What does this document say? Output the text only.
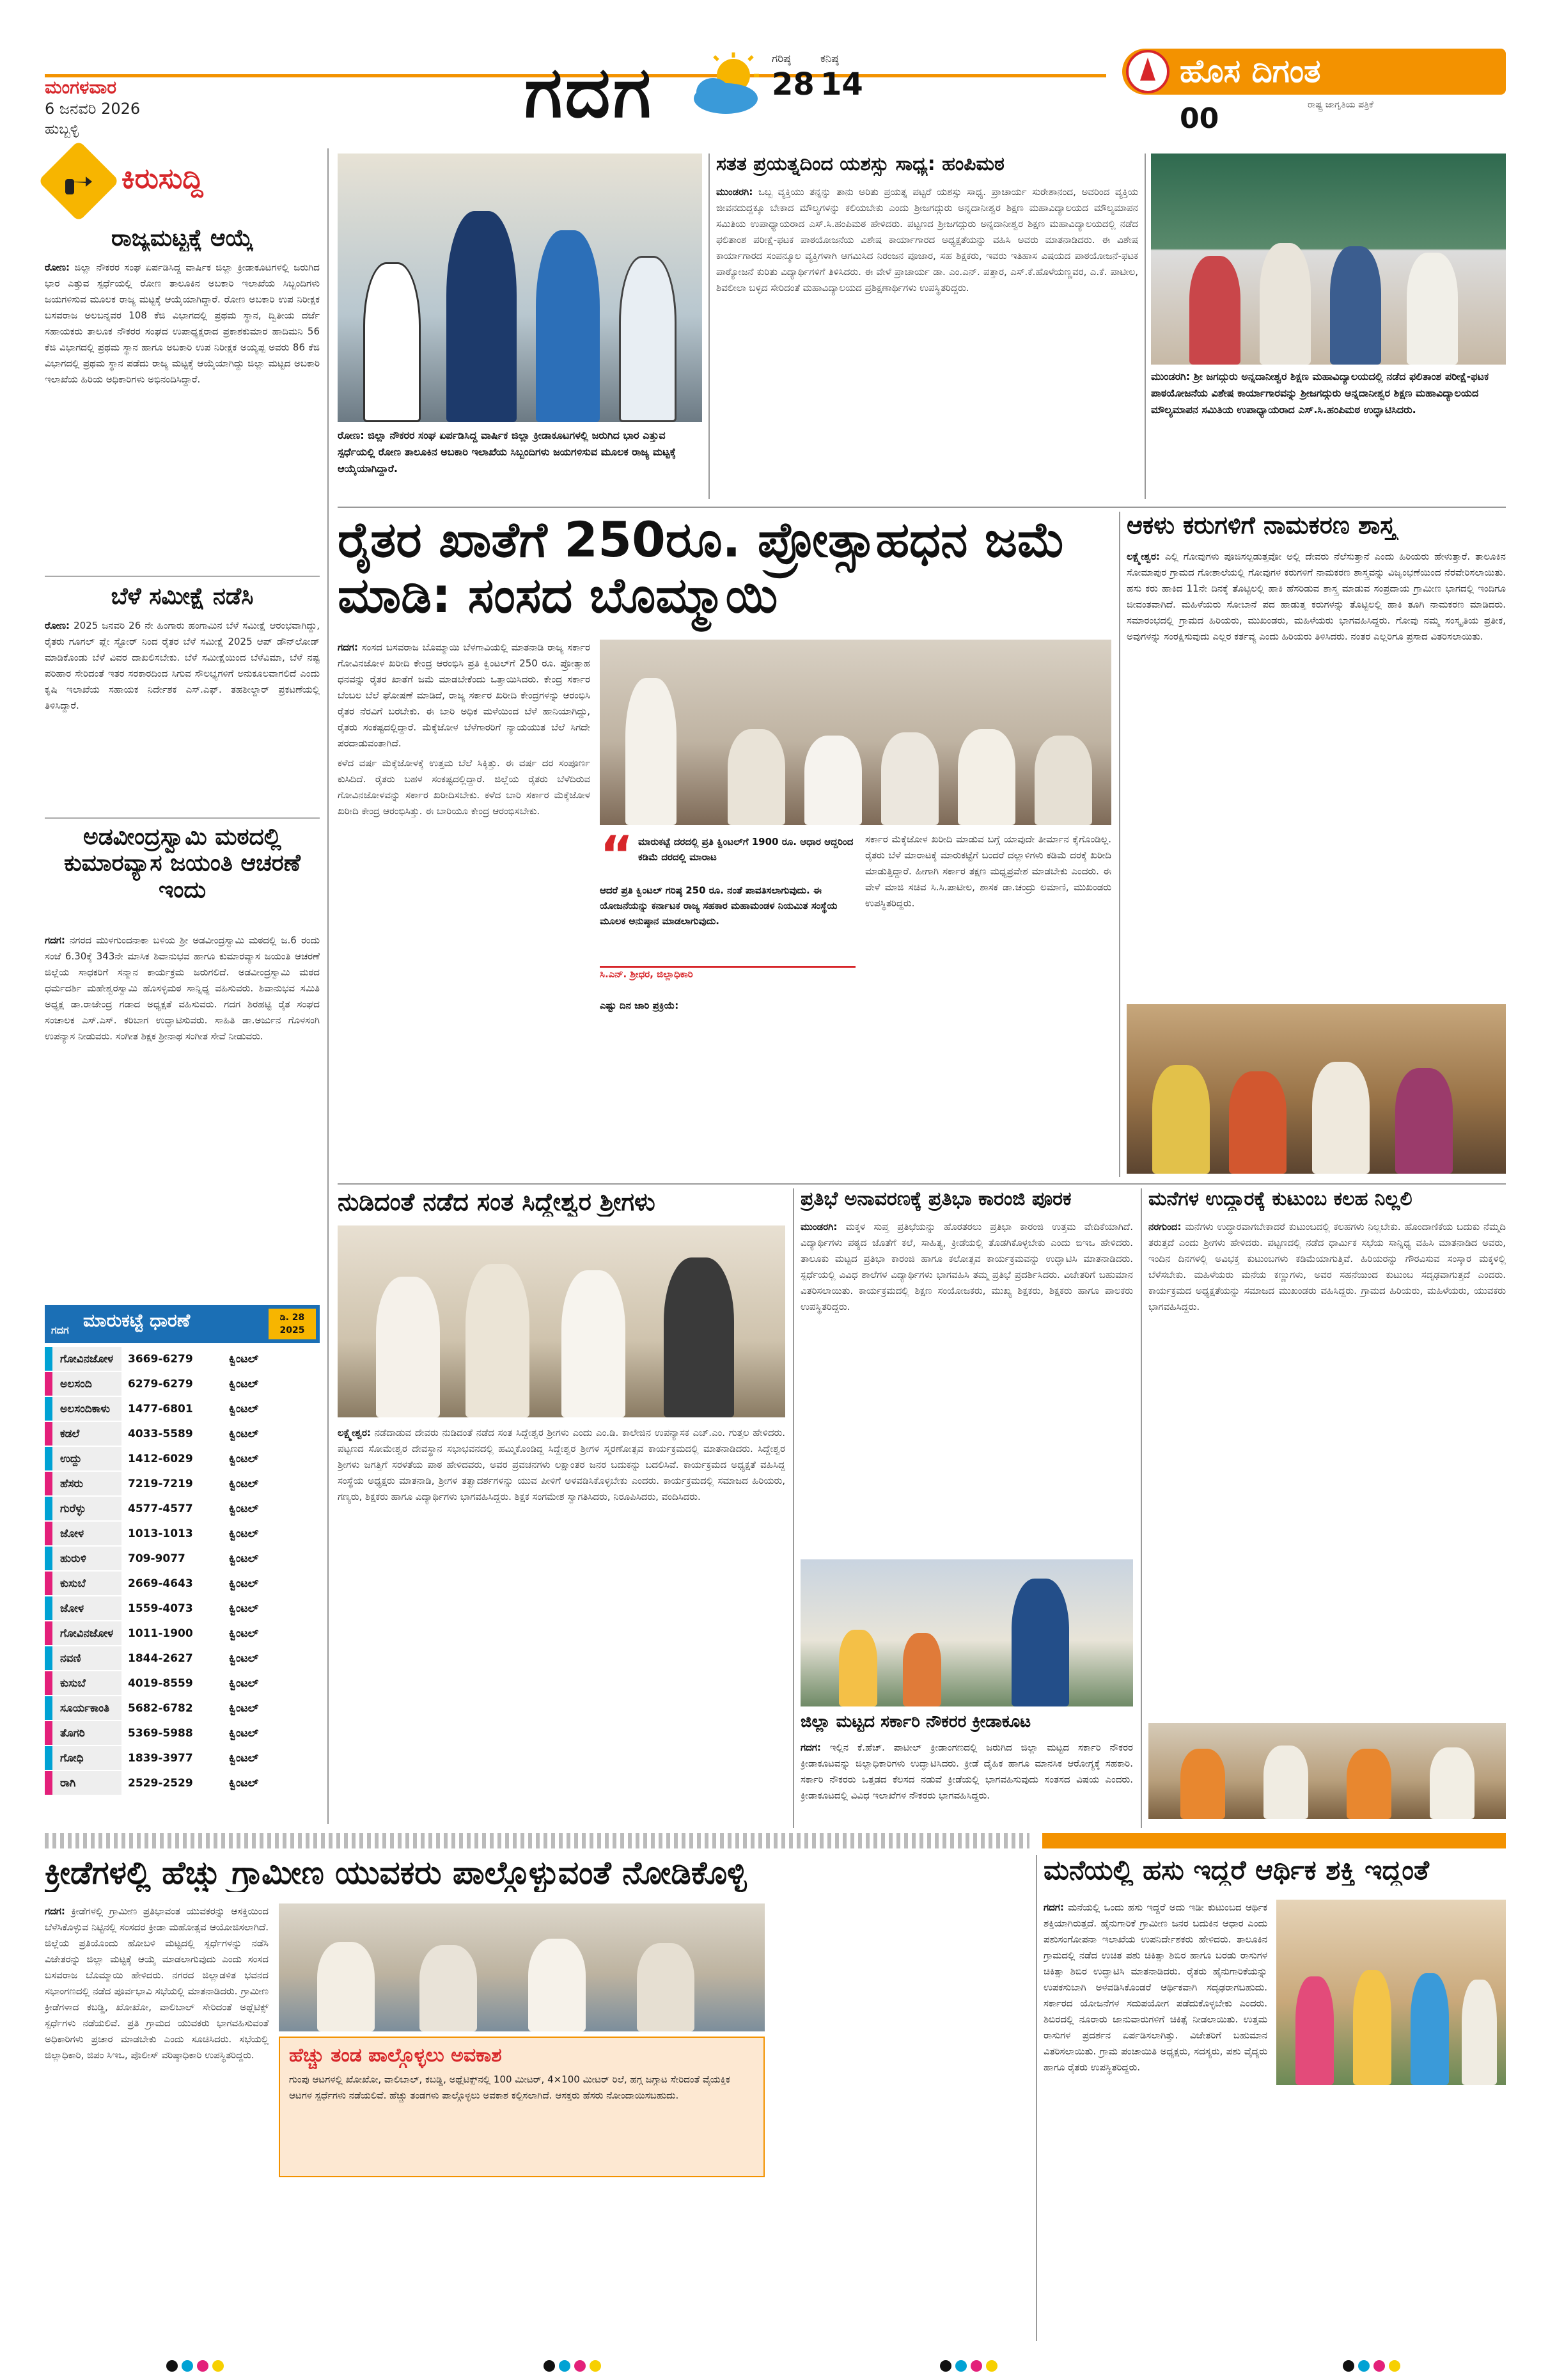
ಮಂಗಳವಾರ
6 ಜನವರಿ 2026
ಹುಬ್ಬಳ್ಳಿ	ಗದಗ	ಗರಿಷ್ಠ
28
ಕನಿಷ್ಠ
14	ಹೊಸ ದಿಗಂತ
ರಾಷ್ಟ್ರ ಜಾಗೃತಿಯ ಪತ್ರಿಕೆ
00
ಕಿರುಸುದ್ದಿ
ರಾಜ್ಯಮಟ್ಟಕ್ಕೆ ಆಯ್ಕೆ

ರೋಣ: ಜಿಲ್ಲಾ ನೌಕರರ ಸಂಘ ಏರ್ಪಡಿಸಿದ್ದ ವಾರ್ಷಿಕ ಜಿಲ್ಲಾ ಕ್ರೀಡಾಕೂಟಗಳಲ್ಲಿ ಜರುಗಿದ ಭಾರ ಎತ್ತುವ ಸ್ಪರ್ಧೆಯಲ್ಲಿ ರೋಣ ತಾಲೂಕಿನ ಅಬಕಾರಿ ಇಲಾಖೆಯ ಸಿಬ್ಬಂದಿಗಳು ಜಯಗಳಿಸುವ ಮೂಲಕ ರಾಜ್ಯ ಮಟ್ಟಕ್ಕೆ ಆಯ್ಕೆಯಾಗಿದ್ದಾರೆ. ರೋಣ ಅಬಕಾರಿ ಉಪ ನಿರೀಕ್ಷಕ ಬಸವರಾಜ ಅಲಬನ್ನವರ 108 ಕೆಜಿ ವಿಭಾಗದಲ್ಲಿ ಪ್ರಥಮ ಸ್ಥಾನ, ದ್ವಿತೀಯ ದರ್ಜೆ ಸಹಾಯಕರು ತಾಲೂಕ ನೌಕರರ ಸಂಘದ ಉಪಾಧ್ಯಕ್ಷರಾದ ಪ್ರಕಾಶಕುಮಾರ ಹಾದಿಮನಿ 56 ಕೆಜಿ ವಿಭಾಗದಲ್ಲಿ ಪ್ರಥಮ ಸ್ಥಾನ ಹಾಗೂ ಅಬಕಾರಿ ಉಪ ನಿರೀಕ್ಷಕ ಅಯ್ಯಪ್ಪ ಅವರು 86 ಕೆಜಿ ವಿಭಾಗದಲ್ಲಿ ಪ್ರಥಮ ಸ್ಥಾನ ಪಡೆದು ರಾಜ್ಯ ಮಟ್ಟಕ್ಕೆ ಆಯ್ಕೆಯಾಗಿದ್ದು ಜಿಲ್ಲಾ ಮಟ್ಟದ ಅಬಕಾರಿ ಇಲಾಖೆಯ ಹಿರಿಯ ಅಧಿಕಾರಿಗಳು ಅಭಿನಂದಿಸಿದ್ದಾರೆ.

ಬೆಳೆ ಸಮೀಕ್ಷೆ ನಡೆಸಿ

ರೋಣ: 2025 ಜನವರಿ 26 ನೇ ಹಿಂಗಾರು ಹಂಗಾಮಿನ ಬೆಳೆ ಸಮೀಕ್ಷೆ ಆರಂಭವಾಗಿದ್ದು, ರೈತರು ಗೂಗಲ್ ಪ್ಲೇ ಸ್ಟೋರ್ ನಿಂದ ರೈತರ ಬೆಳೆ ಸಮೀಕ್ಷೆ 2025 ಆಪ್ ಡೌನ್‌ಲೋಡ್ ಮಾಡಿಕೊಂಡು ಬೆಳೆ ವಿವರ ದಾಖಲಿಸಬೇಕು. ಬೆಳೆ ಸಮೀಕ್ಷೆಯಿಂದ ಬೆಳೆವಿಮಾ, ಬೆಳೆ ನಷ್ಟ ಪರಿಹಾರ ಸೇರಿದಂತೆ ಇತರ ಸರಕಾರದಿಂದ ಸಿಗುವ ಸೌಲಭ್ಯಗಳಿಗೆ ಅನುಕೂಲವಾಗಲಿದೆ ಎಂದು ಕೃಷಿ ಇಲಾಖೆಯ ಸಹಾಯಕ ನಿರ್ದೇಶಕ ಎಸ್.ಎಫ್. ತಹಶೀಲ್ದಾರ್ ಪ್ರಕಟಣೆಯಲ್ಲಿ ತಿಳಿಸಿದ್ದಾರೆ.

ಅಡವೀಂದ್ರಸ್ವಾಮಿ ಮಠದಲ್ಲಿ ಕುಮಾರವ್ಯಾಸ ಜಯಂತಿ ಆಚರಣೆ ಇಂದು

ಗದಗ: ನಗರದ ಮುಳಗುಂದನಾಕಾ ಬಳಿಯ ಶ್ರೀ ಅಡವೀಂದ್ರಸ್ವಾಮಿ ಮಠದಲ್ಲಿ ಜ.6 ರಂದು ಸಂಜೆ 6.30ಕ್ಕೆ 343ನೇ ಮಾಸಿಕ ಶಿವಾನುಭವ ಹಾಗೂ ಕುಮಾರವ್ಯಾಸ ಜಯಂತಿ ಆಚರಣೆ ಜಿಲ್ಲೆಯ ಸಾಧಕರಿಗೆ ಸನ್ಮಾನ ಕಾರ್ಯಕ್ರಮ ಜರುಗಲಿದೆ. ಅಡವೀಂದ್ರಸ್ವಾಮಿ ಮಠದ ಧರ್ಮದರ್ಶಿ ಮಹೇಶ್ವರಸ್ವಾಮಿ ಹೊಸಳ್ಳಿಮಠ ಸಾನ್ನಿಧ್ಯ ವಹಿಸುವರು. ಶಿವಾನುಭವ ಸಮಿತಿ ಅಧ್ಯಕ್ಷ ಡಾ.ರಾಜೇಂದ್ರ ಗಡಾದ ಅಧ್ಯಕ್ಷತೆ ವಹಿಸುವರು. ಗದಗ ಶಿರಹಟ್ಟಿ ರೈತ ಸಂಘದ ಸಂಚಾಲಕ ಎಸ್.ಎಸ್. ಕರಿಬಾಗ ಉದ್ಘಾಟಿಸುವರು. ಸಾಹಿತಿ ಡಾ.ಅರ್ಜುನ ಗೊಳಸಂಗಿ ಉಪನ್ಯಾಸ ನೀಡುವರು. ಸಂಗೀತ ಶಿಕ್ಷಕ ಶ್ರೀನಾಥ ಸಂಗೀತ ಸೇವೆ ನೀಡುವರು.

ಗದಗ ಮಾರುಕಟ್ಟೆ ಧಾರಣೆ	ಡಿ. 28 2025
ಗೋವಿನಜೋಳ	3669-6279	ಕ್ವಿಂಟಲ್
ಅಲಸಂದಿ	6279-6279	ಕ್ವಿಂಟಲ್
ಅಲಸಂದಿಕಾಳು	1477-6801	ಕ್ವಿಂಟಲ್
ಕಡಲೆ	4033-5589	ಕ್ವಿಂಟಲ್
ಉದ್ದು	1412-6029	ಕ್ವಿಂಟಲ್
ಹೆಸರು	7219-7219	ಕ್ವಿಂಟಲ್
ಗುರೆಳ್ಳು	4577-4577	ಕ್ವಿಂಟಲ್
ಜೋಳ	1013-1013	ಕ್ವಿಂಟಲ್
ಹುರುಳಿ	709-9077	ಕ್ವಿಂಟಲ್
ಕುಸುಬೆ	2669-4643	ಕ್ವಿಂಟಲ್
ಜೋಳ	1559-4073	ಕ್ವಿಂಟಲ್
ಗೋವಿನಜೋಳ	1011-1900	ಕ್ವಿಂಟಲ್
ನವಣಿ	1844-2627	ಕ್ವಿಂಟಲ್
ಕುಸುಬೆ	4019-8559	ಕ್ವಿಂಟಲ್
ಸೂರ್ಯಕಾಂತಿ	5682-6782	ಕ್ವಿಂಟಲ್
ತೊಗರಿ	5369-5988	ಕ್ವಿಂಟಲ್
ಗೋಧಿ	1839-3977	ಕ್ವಿಂಟಲ್
ರಾಗಿ	2529-2529	ಕ್ವಿಂಟಲ್
ರೋಣ: ಜಿಲ್ಲಾ ನೌಕರರ ಸಂಘ ಏರ್ಪಡಿಸಿದ್ದ ವಾರ್ಷಿಕ ಜಿಲ್ಲಾ ಕ್ರೀಡಾಕೂಟಗಳಲ್ಲಿ ಜರುಗಿದ ಭಾರ ಎತ್ತುವ ಸ್ಪರ್ಧೆಯಲ್ಲಿ ರೋಣ ತಾಲೂಕಿನ ಅಬಕಾರಿ ಇಲಾಖೆಯ ಸಿಬ್ಬಂದಿಗಳು ಜಯಗಳಿಸುವ ಮೂಲಕ ರಾಜ್ಯ ಮಟ್ಟಕ್ಕೆ ಆಯ್ಕೆಯಾಗಿದ್ದಾರೆ.
ಸತತ ಪ್ರಯತ್ನದಿಂದ ಯಶಸ್ಸು ಸಾಧ್ಯ: ಹಂಪಿಮಠ

ಮುಂಡರಗಿ: ಒಬ್ಬ ವ್ಯಕ್ತಿಯು ತನ್ನನ್ನು ತಾನು ಅರಿತು ಪ್ರಯತ್ನ ಪಟ್ಟರೆ ಯಶಸ್ಸು ಸಾಧ್ಯ. ಪ್ರಾಚಾರ್ಯ ಸುರೇಶಾನಂದ, ಅವರಿಂದ ವ್ಯಕ್ತಿಯ ಜೀವನದುದ್ದಕ್ಕೂ ಬೇಕಾದ ಮೌಲ್ಯಗಳನ್ನು ಕಲಿಯಬೇಕು ಎಂದು ಶ್ರೀಜಗದ್ಗುರು ಅನ್ನದಾನೀಶ್ವರ ಶಿಕ್ಷಣ ಮಹಾವಿದ್ಯಾಲಯದ ಮೌಲ್ಯಮಾಪನ ಸಮಿತಿಯ ಉಪಾಧ್ಯಾಯರಾದ ಎಸ್.ಸಿ.ಹಂಪಿಮಠ ಹೇಳಿದರು. ಪಟ್ಟಣದ ಶ್ರೀಜಗದ್ಗುರು ಅನ್ನದಾನೀಶ್ವರ ಶಿಕ್ಷಣ ಮಹಾವಿದ್ಯಾಲಯದಲ್ಲಿ ನಡೆದ ಫಲಿತಾಂಶ ಪರೀಕ್ಷೆ-ಫಟಕ ಪಾಠಯೋಜನೆಯ ವಿಶೇಷ ಕಾರ್ಯಾಗಾರದ ಅಧ್ಯಕ್ಷತೆಯನ್ನು ವಹಿಸಿ ಅವರು ಮಾತನಾಡಿದರು. ಈ ವಿಶೇಷ ಕಾರ್ಯಾಗಾರದ ಸಂಪನ್ಮೂಲ ವ್ಯಕ್ತಿಗಳಾಗಿ ಆಗಮಿಸಿದ ನಿರಂಜನ ಪೂಜಾರ, ಸಹ ಶಿಕ್ಷಕರು, ಇವರು ಇತಿಹಾಸ ವಿಷಯದ ಪಾಠಯೋಜನೆ-ಫಟಕ ಪಾಠ್ಯೋಜನೆ ಕುರಿತು ವಿದ್ಯಾರ್ಥಿಗಳಿಗೆ ತಿಳಿಸಿದರು. ಈ ವೇಳೆ ಪ್ರಾಚಾರ್ಯ ಡಾ. ಎಂ.ಎನ್. ಪತ್ತಾರ, ಎಸ್.ಕೆ.ಹೊಳೆಯಣ್ಣವರ, ಎ.ಕೆ. ಪಾಟೀಲ, ಶಿವಲೀಲಾ ಬಳ್ಳದ ಸೇರಿದಂತೆ ಮಹಾವಿದ್ಯಾಲಯದ ಪ್ರಶಿಕ್ಷಣಾರ್ಥಿಗಳು ಉಪಸ್ಥಿತರಿದ್ದರು.

ಮುಂಡರಗಿ: ಶ್ರೀ ಜಗದ್ಗುರು ಅನ್ನದಾನೀಶ್ವರ ಶಿಕ್ಷಣ ಮಹಾವಿದ್ಯಾಲಯದಲ್ಲಿ ನಡೆದ ಫಲಿತಾಂಶ ಪರೀಕ್ಷೆ-ಫಟಕ ಪಾಠಯೋಜನೆಯ ವಿಶೇಷ ಕಾರ್ಯಾಗಾರವನ್ನು ಶ್ರೀಜಗದ್ಗುರು ಅನ್ನದಾನೀಶ್ವರ ಶಿಕ್ಷಣ ಮಹಾವಿದ್ಯಾಲಯದ ಮೌಲ್ಯಮಾಪನ ಸಮಿತಿಯ ಉಪಾಧ್ಯಾಯರಾದ ಎಸ್.ಸಿ.ಹಂಪಿಮಠ ಉದ್ಘಾಟಿಸಿದರು.
ರೈತರ ಖಾತೆಗೆ 250ರೂ. ಪ್ರೋತ್ಸಾಹಧನ ಜಮೆ ಮಾಡಿ: ಸಂಸದ ಬೊಮ್ಮಾಯಿ

ಗದಗ: ಸಂಸದ ಬಸವರಾಜ ಬೊಮ್ಮಾಯಿ ಬೆಳಗಾವಿಯಲ್ಲಿ ಮಾತನಾಡಿ ರಾಜ್ಯ ಸರ್ಕಾರ ಗೋವಿನಜೋಳ ಖರೀದಿ ಕೇಂದ್ರ ಆರಂಭಿಸಿ ಪ್ರತಿ ಕ್ವಿಂಟಲ್‌ಗೆ 250 ರೂ. ಪ್ರೋತ್ಸಾಹ ಧನವನ್ನು ರೈತರ ಖಾತೆಗೆ ಜಮೆ ಮಾಡಬೇಕೆಂದು ಒತ್ತಾಯಿಸಿದರು. ಕೇಂದ್ರ ಸರ್ಕಾರ ಬೆಂಬಲ ಬೆಲೆ ಘೋಷಣೆ ಮಾಡಿದೆ, ರಾಜ್ಯ ಸರ್ಕಾರ ಖರೀದಿ ಕೇಂದ್ರಗಳನ್ನು ಆರಂಭಿಸಿ ರೈತರ ನೆರವಿಗೆ ಬರಬೇಕು. ಈ ಬಾರಿ ಅಧಿಕ ಮಳೆಯಿಂದ ಬೆಳೆ ಹಾನಿಯಾಗಿದ್ದು, ರೈತರು ಸಂಕಷ್ಟದಲ್ಲಿದ್ದಾರೆ. ಮೆಕ್ಕೆಜೋಳ ಬೆಳೆಗಾರರಿಗೆ ನ್ಯಾಯಯುತ ಬೆಲೆ ಸಿಗದೇ ಪರದಾಡುವಂತಾಗಿದೆ.

ಕಳೆದ ವರ್ಷ ಮೆಕ್ಕೆಜೋಳಕ್ಕೆ ಉತ್ತಮ ಬೆಲೆ ಸಿಕ್ಕಿತ್ತು. ಈ ವರ್ಷ ದರ ಸಂಪೂರ್ಣ ಕುಸಿದಿದೆ. ರೈತರು ಬಹಳ ಸಂಕಷ್ಟದಲ್ಲಿದ್ದಾರೆ. ಜಿಲ್ಲೆಯ ರೈತರು ಬೆಳೆದಿರುವ ಗೋವಿನಜೋಳವನ್ನು ಸರ್ಕಾರ ಖರೀದಿಸಬೇಕು. ಕಳೆದ ಬಾರಿ ಸರ್ಕಾರ ಮೆಕ್ಕೆಜೋಳ ಖರೀದಿ ಕೇಂದ್ರ ಆರಂಭಿಸಿತ್ತು. ಈ ಬಾರಿಯೂ ಕೇಂದ್ರ ಆರಂಭಿಸಬೇಕು.

“ ಮಾರುಕಟ್ಟೆ ದರದಲ್ಲಿ ಪ್ರತಿ ಕ್ವಿಂಟಲ್‌ಗೆ 1900 ರೂ. ಆಧಾರ ಆದ್ದರಿಂದ ಕಡಿಮೆ ದರದಲ್ಲಿ ಮಾರಾಟ
ಆದರೆ ಪ್ರತಿ ಕ್ವಿಂಟಲ್ ಗರಿಷ್ಠ 250 ರೂ. ನಂತೆ ಪಾವತಿಸಲಾಗುವುದು. ಈ ಯೋಜನೆಯನ್ನು ಕರ್ನಾಟಕ ರಾಜ್ಯ ಸಹಕಾರ ಮಹಾಮಂಡಳ ನಿಯಮಿತ ಸಂಸ್ಥೆಯ ಮೂಲಕ ಅನುಷ್ಠಾನ ಮಾಡಲಾಗುವುದು.
ಸಿ.ಎನ್. ಶ್ರೀಧರ, ಜಿಲ್ಲಾಧಿಕಾರಿ

ಸರ್ಕಾರ ಮೆಕ್ಕೆಜೋಳ ಖರೀದಿ ಮಾಡುವ ಬಗ್ಗೆ ಯಾವುದೇ ತೀರ್ಮಾನ ಕೈಗೊಂಡಿಲ್ಲ. ರೈತರು ಬೆಳೆ ಮಾರಾಟಕ್ಕೆ ಮಾರುಕಟ್ಟೆಗೆ ಬಂದರೆ ದಲ್ಲಾಳಿಗಳು ಕಡಿಮೆ ದರಕ್ಕೆ ಖರೀದಿ ಮಾಡುತ್ತಿದ್ದಾರೆ. ಹೀಗಾಗಿ ಸರ್ಕಾರ ತಕ್ಷಣ ಮಧ್ಯಪ್ರವೇಶ ಮಾಡಬೇಕು ಎಂದರು. ಈ ವೇಳೆ ಮಾಜಿ ಸಚಿವ ಸಿ.ಸಿ.ಪಾಟೀಲ, ಶಾಸಕ ಡಾ.ಚಂದ್ರು ಲಮಾಣಿ, ಮುಖಂಡರು ಉಪಸ್ಥಿತರಿದ್ದರು.

ಎಷ್ಟು ದಿನ ಜಾರಿ ಪ್ರಕ್ರಿಯೆ:

ಆಕಳು ಕರುಗಳಿಗೆ ನಾಮಕರಣ ಶಾಸ್ತ್ರ

ಲಕ್ಷ್ಮೇಶ್ವರ: ಎಲ್ಲಿ ಗೋವುಗಳು ಪೂಜಿಸಲ್ಪಡುತ್ತವೋ ಅಲ್ಲಿ ದೇವರು ನೆಲೆಸುತ್ತಾನೆ ಎಂದು ಹಿರಿಯರು ಹೇಳುತ್ತಾರೆ. ತಾಲೂಕಿನ ಸೋಮಾಪುರ ಗ್ರಾಮದ ಗೋಶಾಲೆಯಲ್ಲಿ ಗೋವುಗಳ ಕರುಗಳಿಗೆ ನಾಮಕರಣ ಶಾಸ್ತ್ರವನ್ನು ವಿಜೃಂಭಣೆಯಿಂದ ನೆರವೇರಿಸಲಾಯಿತು. ಹಸು ಕರು ಹಾಕಿದ 11ನೇ ದಿನಕ್ಕೆ ತೊಟ್ಟಿಲಲ್ಲಿ ಹಾಕಿ ಹೆಸರಿಡುವ ಶಾಸ್ತ್ರ ಮಾಡುವ ಸಂಪ್ರದಾಯ ಗ್ರಾಮೀಣ ಭಾಗದಲ್ಲಿ ಇಂದಿಗೂ ಜೀವಂತವಾಗಿದೆ. ಮಹಿಳೆಯರು ಸೋಬಾನೆ ಪದ ಹಾಡುತ್ತ ಕರುಗಳನ್ನು ತೊಟ್ಟಿಲಲ್ಲಿ ಹಾಕಿ ತೂಗಿ ನಾಮಕರಣ ಮಾಡಿದರು. ಸಮಾರಂಭದಲ್ಲಿ ಗ್ರಾಮದ ಹಿರಿಯರು, ಮುಖಂಡರು, ಮಹಿಳೆಯರು ಭಾಗವಹಿಸಿದ್ದರು. ಗೋವು ನಮ್ಮ ಸಂಸ್ಕೃತಿಯ ಪ್ರತೀಕ, ಅವುಗಳನ್ನು ಸಂರಕ್ಷಿಸುವುದು ಎಲ್ಲರ ಕರ್ತವ್ಯ ಎಂದು ಹಿರಿಯರು ತಿಳಿಸಿದರು. ನಂತರ ಎಲ್ಲರಿಗೂ ಪ್ರಸಾದ ವಿತರಿಸಲಾಯಿತು.

ನುಡಿದಂತೆ ನಡೆದ ಸಂತ ಸಿದ್ದೇಶ್ವರ ಶ್ರೀಗಳು

ಲಕ್ಷ್ಮೇಶ್ವರ: ನಡೆದಾಡುವ ದೇವರು ನುಡಿದಂತೆ ನಡೆದ ಸಂತ ಸಿದ್ದೇಶ್ವರ ಶ್ರೀಗಳು ಎಂದು ಎಂ.ಡಿ. ಕಾಲೇಜಿನ ಉಪನ್ಯಾಸಕ ಎಚ್.ಎಂ. ಗುತ್ತಲ ಹೇಳಿದರು. ಪಟ್ಟಣದ ಸೋಮೇಶ್ವರ ದೇವಸ್ಥಾನ ಸಭಾಭವನದಲ್ಲಿ ಹಮ್ಮಿಕೊಂಡಿದ್ದ ಸಿದ್ದೇಶ್ವರ ಶ್ರೀಗಳ ಸ್ಮರಣೋತ್ಸವ ಕಾರ್ಯಕ್ರಮದಲ್ಲಿ ಮಾತನಾಡಿದರು. ಸಿದ್ದೇಶ್ವರ ಶ್ರೀಗಳು ಜಗತ್ತಿಗೆ ಸರಳತೆಯ ಪಾಠ ಹೇಳಿದವರು, ಅವರ ಪ್ರವಚನಗಳು ಲಕ್ಷಾಂತರ ಜನರ ಬದುಕನ್ನು ಬದಲಿಸಿವೆ. ಕಾರ್ಯಕ್ರಮದ ಅಧ್ಯಕ್ಷತೆ ವಹಿಸಿದ್ದ ಸಂಸ್ಥೆಯ ಅಧ್ಯಕ್ಷರು ಮಾತನಾಡಿ, ಶ್ರೀಗಳ ತತ್ವಾದರ್ಶಗಳನ್ನು ಯುವ ಪೀಳಿಗೆ ಅಳವಡಿಸಿಕೊಳ್ಳಬೇಕು ಎಂದರು. ಕಾರ್ಯಕ್ರಮದಲ್ಲಿ ಸಮಾಜದ ಹಿರಿಯರು, ಗಣ್ಯರು, ಶಿಕ್ಷಕರು ಹಾಗೂ ವಿದ್ಯಾರ್ಥಿಗಳು ಭಾಗವಹಿಸಿದ್ದರು. ಶಿಕ್ಷಕ ಸಂಗಮೇಶ ಸ್ವಾಗತಿಸಿದರು, ನಿರೂಪಿಸಿದರು, ವಂದಿಸಿದರು.

ಪ್ರತಿಭೆ ಅನಾವರಣಕ್ಕೆ ಪ್ರತಿಭಾ ಕಾರಂಜಿ ಪೂರಕ

ಮುಂಡರಗಿ: ಮಕ್ಕಳ ಸುಪ್ತ ಪ್ರತಿಭೆಯನ್ನು ಹೊರತರಲು ಪ್ರತಿಭಾ ಕಾರಂಜಿ ಉತ್ತಮ ವೇದಿಕೆಯಾಗಿದೆ. ವಿದ್ಯಾರ್ಥಿಗಳು ಪಠ್ಯದ ಜೊತೆಗೆ ಕಲೆ, ಸಾಹಿತ್ಯ, ಕ್ರೀಡೆಯಲ್ಲಿ ತೊಡಗಿಕೊಳ್ಳಬೇಕು ಎಂದು ಬಿಇಒ ಹೇಳಿದರು. ತಾಲೂಕು ಮಟ್ಟದ ಪ್ರತಿಭಾ ಕಾರಂಜಿ ಹಾಗೂ ಕಲೋತ್ಸವ ಕಾರ್ಯಕ್ರಮವನ್ನು ಉದ್ಘಾಟಿಸಿ ಮಾತನಾಡಿದರು. ಸ್ಪರ್ಧೆಯಲ್ಲಿ ವಿವಿಧ ಶಾಲೆಗಳ ವಿದ್ಯಾರ್ಥಿಗಳು ಭಾಗವಹಿಸಿ ತಮ್ಮ ಪ್ರತಿಭೆ ಪ್ರದರ್ಶಿಸಿದರು. ವಿಜೇತರಿಗೆ ಬಹುಮಾನ ವಿತರಿಸಲಾಯಿತು. ಕಾರ್ಯಕ್ರಮದಲ್ಲಿ ಶಿಕ್ಷಣ ಸಂಯೋಜಕರು, ಮುಖ್ಯ ಶಿಕ್ಷಕರು, ಶಿಕ್ಷಕರು ಹಾಗೂ ಪಾಲಕರು ಉಪಸ್ಥಿತರಿದ್ದರು.

ಜಿಲ್ಲಾ ಮಟ್ಟದ ಸರ್ಕಾರಿ ನೌಕರರ ಕ್ರೀಡಾಕೂಟ

ಗದಗ: ಇಲ್ಲಿನ ಕೆ.ಹೆಚ್. ಪಾಟೀಲ್ ಕ್ರೀಡಾಂಗಣದಲ್ಲಿ ಜರುಗಿದ ಜಿಲ್ಲಾ ಮಟ್ಟದ ಸರ್ಕಾರಿ ನೌಕರರ ಕ್ರೀಡಾಕೂಟವನ್ನು ಜಿಲ್ಲಾಧಿಕಾರಿಗಳು ಉದ್ಘಾಟಿಸಿದರು. ಕ್ರೀಡೆ ದೈಹಿಕ ಹಾಗೂ ಮಾನಸಿಕ ಆರೋಗ್ಯಕ್ಕೆ ಸಹಕಾರಿ. ಸರ್ಕಾರಿ ನೌಕರರು ಒತ್ತಡದ ಕೆಲಸದ ನಡುವೆ ಕ್ರೀಡೆಯಲ್ಲಿ ಭಾಗವಹಿಸುವುದು ಸಂತಸದ ವಿಷಯ ಎಂದರು. ಕ್ರೀಡಾಕೂಟದಲ್ಲಿ ವಿವಿಧ ಇಲಾಖೆಗಳ ನೌಕರರು ಭಾಗವಹಿಸಿದ್ದರು.

ಮನೆಗಳ ಉದ್ಧಾರಕ್ಕೆ ಕುಟುಂಬ ಕಲಹ ನಿಲ್ಲಲಿ

ನರಗುಂದ: ಮನೆಗಳು ಉದ್ಧಾರವಾಗಬೇಕಾದರೆ ಕುಟುಂಬದಲ್ಲಿ ಕಲಹಗಳು ನಿಲ್ಲಬೇಕು. ಹೊಂದಾಣಿಕೆಯ ಬದುಕು ನೆಮ್ಮದಿ ತರುತ್ತದೆ ಎಂದು ಶ್ರೀಗಳು ಹೇಳಿದರು. ಪಟ್ಟಣದಲ್ಲಿ ನಡೆದ ಧಾರ್ಮಿಕ ಸಭೆಯ ಸಾನ್ನಿಧ್ಯ ವಹಿಸಿ ಮಾತನಾಡಿದ ಅವರು, ಇಂದಿನ ದಿನಗಳಲ್ಲಿ ಅವಿಭಕ್ತ ಕುಟುಂಬಗಳು ಕಡಿಮೆಯಾಗುತ್ತಿವೆ. ಹಿರಿಯರನ್ನು ಗೌರವಿಸುವ ಸಂಸ್ಕಾರ ಮಕ್ಕಳಲ್ಲಿ ಬೆಳೆಸಬೇಕು. ಮಹಿಳೆಯರು ಮನೆಯ ಕಣ್ಣುಗಳು, ಅವರ ಸಹನೆಯಿಂದ ಕುಟುಂಬ ಸದೃಢವಾಗುತ್ತದೆ ಎಂದರು. ಕಾರ್ಯಕ್ರಮದ ಅಧ್ಯಕ್ಷತೆಯನ್ನು ಸಮಾಜದ ಮುಖಂಡರು ವಹಿಸಿದ್ದರು. ಗ್ರಾಮದ ಹಿರಿಯರು, ಮಹಿಳೆಯರು, ಯುವಕರು ಭಾಗವಹಿಸಿದ್ದರು.

ಕ್ರೀಡೆಗಳಲ್ಲಿ ಹೆಚ್ಚು ಗ್ರಾಮೀಣ ಯುವಕರು ಪಾಲ್ಗೊಳ್ಳುವಂತೆ ನೋಡಿಕೊಳ್ಳಿ

ಗದಗ: ಕ್ರೀಡೆಗಳಲ್ಲಿ ಗ್ರಾಮೀಣ ಪ್ರತಿಭಾವಂತ ಯುವಕರನ್ನು ಆಸಕ್ತಿಯಿಂದ ಬೆಳೆಸಿಕೊಳ್ಳುವ ನಿಟ್ಟಿನಲ್ಲಿ ಸಂಸದರ ಕ್ರೀಡಾ ಮಹೋತ್ಸವ ಆಯೋಜಿಸಲಾಗಿದೆ. ಜಿಲ್ಲೆಯ ಪ್ರತಿಯೊಂದು ಹೋಬಳಿ ಮಟ್ಟದಲ್ಲಿ ಸ್ಪರ್ಧೆಗಳನ್ನು ನಡೆಸಿ ವಿಜೇತರನ್ನು ಜಿಲ್ಲಾ ಮಟ್ಟಕ್ಕೆ ಆಯ್ಕೆ ಮಾಡಲಾಗುವುದು ಎಂದು ಸಂಸದ ಬಸವರಾಜ ಬೊಮ್ಮಾಯಿ ಹೇಳಿದರು. ನಗರದ ಜಿಲ್ಲಾಡಳಿತ ಭವನದ ಸಭಾಂಗಣದಲ್ಲಿ ನಡೆದ ಪೂರ್ವಭಾವಿ ಸಭೆಯಲ್ಲಿ ಮಾತನಾಡಿದರು. ಗ್ರಾಮೀಣ ಕ್ರೀಡೆಗಳಾದ ಕಬಡ್ಡಿ, ಖೋಖೋ, ವಾಲಿಬಾಲ್ ಸೇರಿದಂತೆ ಅಥ್ಲೆಟಿಕ್ಸ್ ಸ್ಪರ್ಧೆಗಳು ನಡೆಯಲಿವೆ. ಪ್ರತಿ ಗ್ರಾಮದ ಯುವಕರು ಭಾಗವಹಿಸುವಂತೆ ಅಧಿಕಾರಿಗಳು ಪ್ರಚಾರ ಮಾಡಬೇಕು ಎಂದು ಸೂಚಿಸಿದರು. ಸಭೆಯಲ್ಲಿ ಜಿಲ್ಲಾಧಿಕಾರಿ, ಜಿಪಂ ಸಿಇಒ, ಪೊಲೀಸ್ ವರಿಷ್ಠಾಧಿಕಾರಿ ಉಪಸ್ಥಿತರಿದ್ದರು.	ಹೆಚ್ಚು ತಂಡ ಪಾಲ್ಗೊಳ್ಳಲು ಅವಕಾಶ
ಗುಂಪು ಆಟಗಳಲ್ಲಿ ಖೋಖೋ, ವಾಲಿಬಾಲ್, ಕಬಡ್ಡಿ, ಅಥ್ಲೆಟಿಕ್ಸ್‌ನಲ್ಲಿ 100 ಮೀಟರ್, 4×100 ಮೀಟರ್ ರಿಲೆ, ಹಗ್ಗ ಜಗ್ಗಾಟ ಸೇರಿದಂತೆ ವೈಯಕ್ತಿಕ ಆಟಗಳ ಸ್ಪರ್ಧೆಗಳು ನಡೆಯಲಿವೆ. ಹೆಚ್ಚು ತಂಡಗಳು ಪಾಲ್ಗೊಳ್ಳಲು ಅವಕಾಶ ಕಲ್ಪಿಸಲಾಗಿದೆ. ಆಸಕ್ತರು ಹೆಸರು ನೋಂದಾಯಿಸಬಹುದು.
ಮನೆಯಲ್ಲಿ ಹಸು ಇದ್ದರೆ ಆರ್ಥಿಕ ಶಕ್ತಿ ಇದ್ದಂತೆ

ಗದಗ: ಮನೆಯಲ್ಲಿ ಒಂದು ಹಸು ಇದ್ದರೆ ಅದು ಇಡೀ ಕುಟುಂಬದ ಆರ್ಥಿಕ ಶಕ್ತಿಯಾಗಿರುತ್ತದೆ. ಹೈನುಗಾರಿಕೆ ಗ್ರಾಮೀಣ ಜನರ ಬದುಕಿನ ಆಧಾರ ಎಂದು ಪಶುಸಂಗೋಪನಾ ಇಲಾಖೆಯ ಉಪನಿರ್ದೇಶಕರು ಹೇಳಿದರು. ತಾಲೂಕಿನ ಗ್ರಾಮದಲ್ಲಿ ನಡೆದ ಉಚಿತ ಪಶು ಚಿಕಿತ್ಸಾ ಶಿಬಿರ ಹಾಗೂ ಬರಡು ರಾಸುಗಳ ಚಿಕಿತ್ಸಾ ಶಿಬಿರ ಉದ್ಘಾಟಿಸಿ ಮಾತನಾಡಿದರು. ರೈತರು ಹೈನುಗಾರಿಕೆಯನ್ನು ಉಪಕಸುಬಾಗಿ ಅಳವಡಿಸಿಕೊಂಡರೆ ಆರ್ಥಿಕವಾಗಿ ಸದೃಢರಾಗಬಹುದು. ಸರ್ಕಾರದ ಯೋಜನೆಗಳ ಸದುಪಯೋಗ ಪಡೆದುಕೊಳ್ಳಬೇಕು ಎಂದರು. ಶಿಬಿರದಲ್ಲಿ ನೂರಾರು ಜಾನುವಾರುಗಳಿಗೆ ಚಿಕಿತ್ಸೆ ನೀಡಲಾಯಿತು. ಉತ್ತಮ ರಾಸುಗಳ ಪ್ರದರ್ಶನ ಏರ್ಪಡಿಸಲಾಗಿತ್ತು. ವಿಜೇತರಿಗೆ ಬಹುಮಾನ ವಿತರಿಸಲಾಯಿತು. ಗ್ರಾಮ ಪಂಚಾಯಿತಿ ಅಧ್ಯಕ್ಷರು, ಸದಸ್ಯರು, ಪಶು ವೈದ್ಯರು ಹಾಗೂ ರೈತರು ಉಪಸ್ಥಿತರಿದ್ದರು.
